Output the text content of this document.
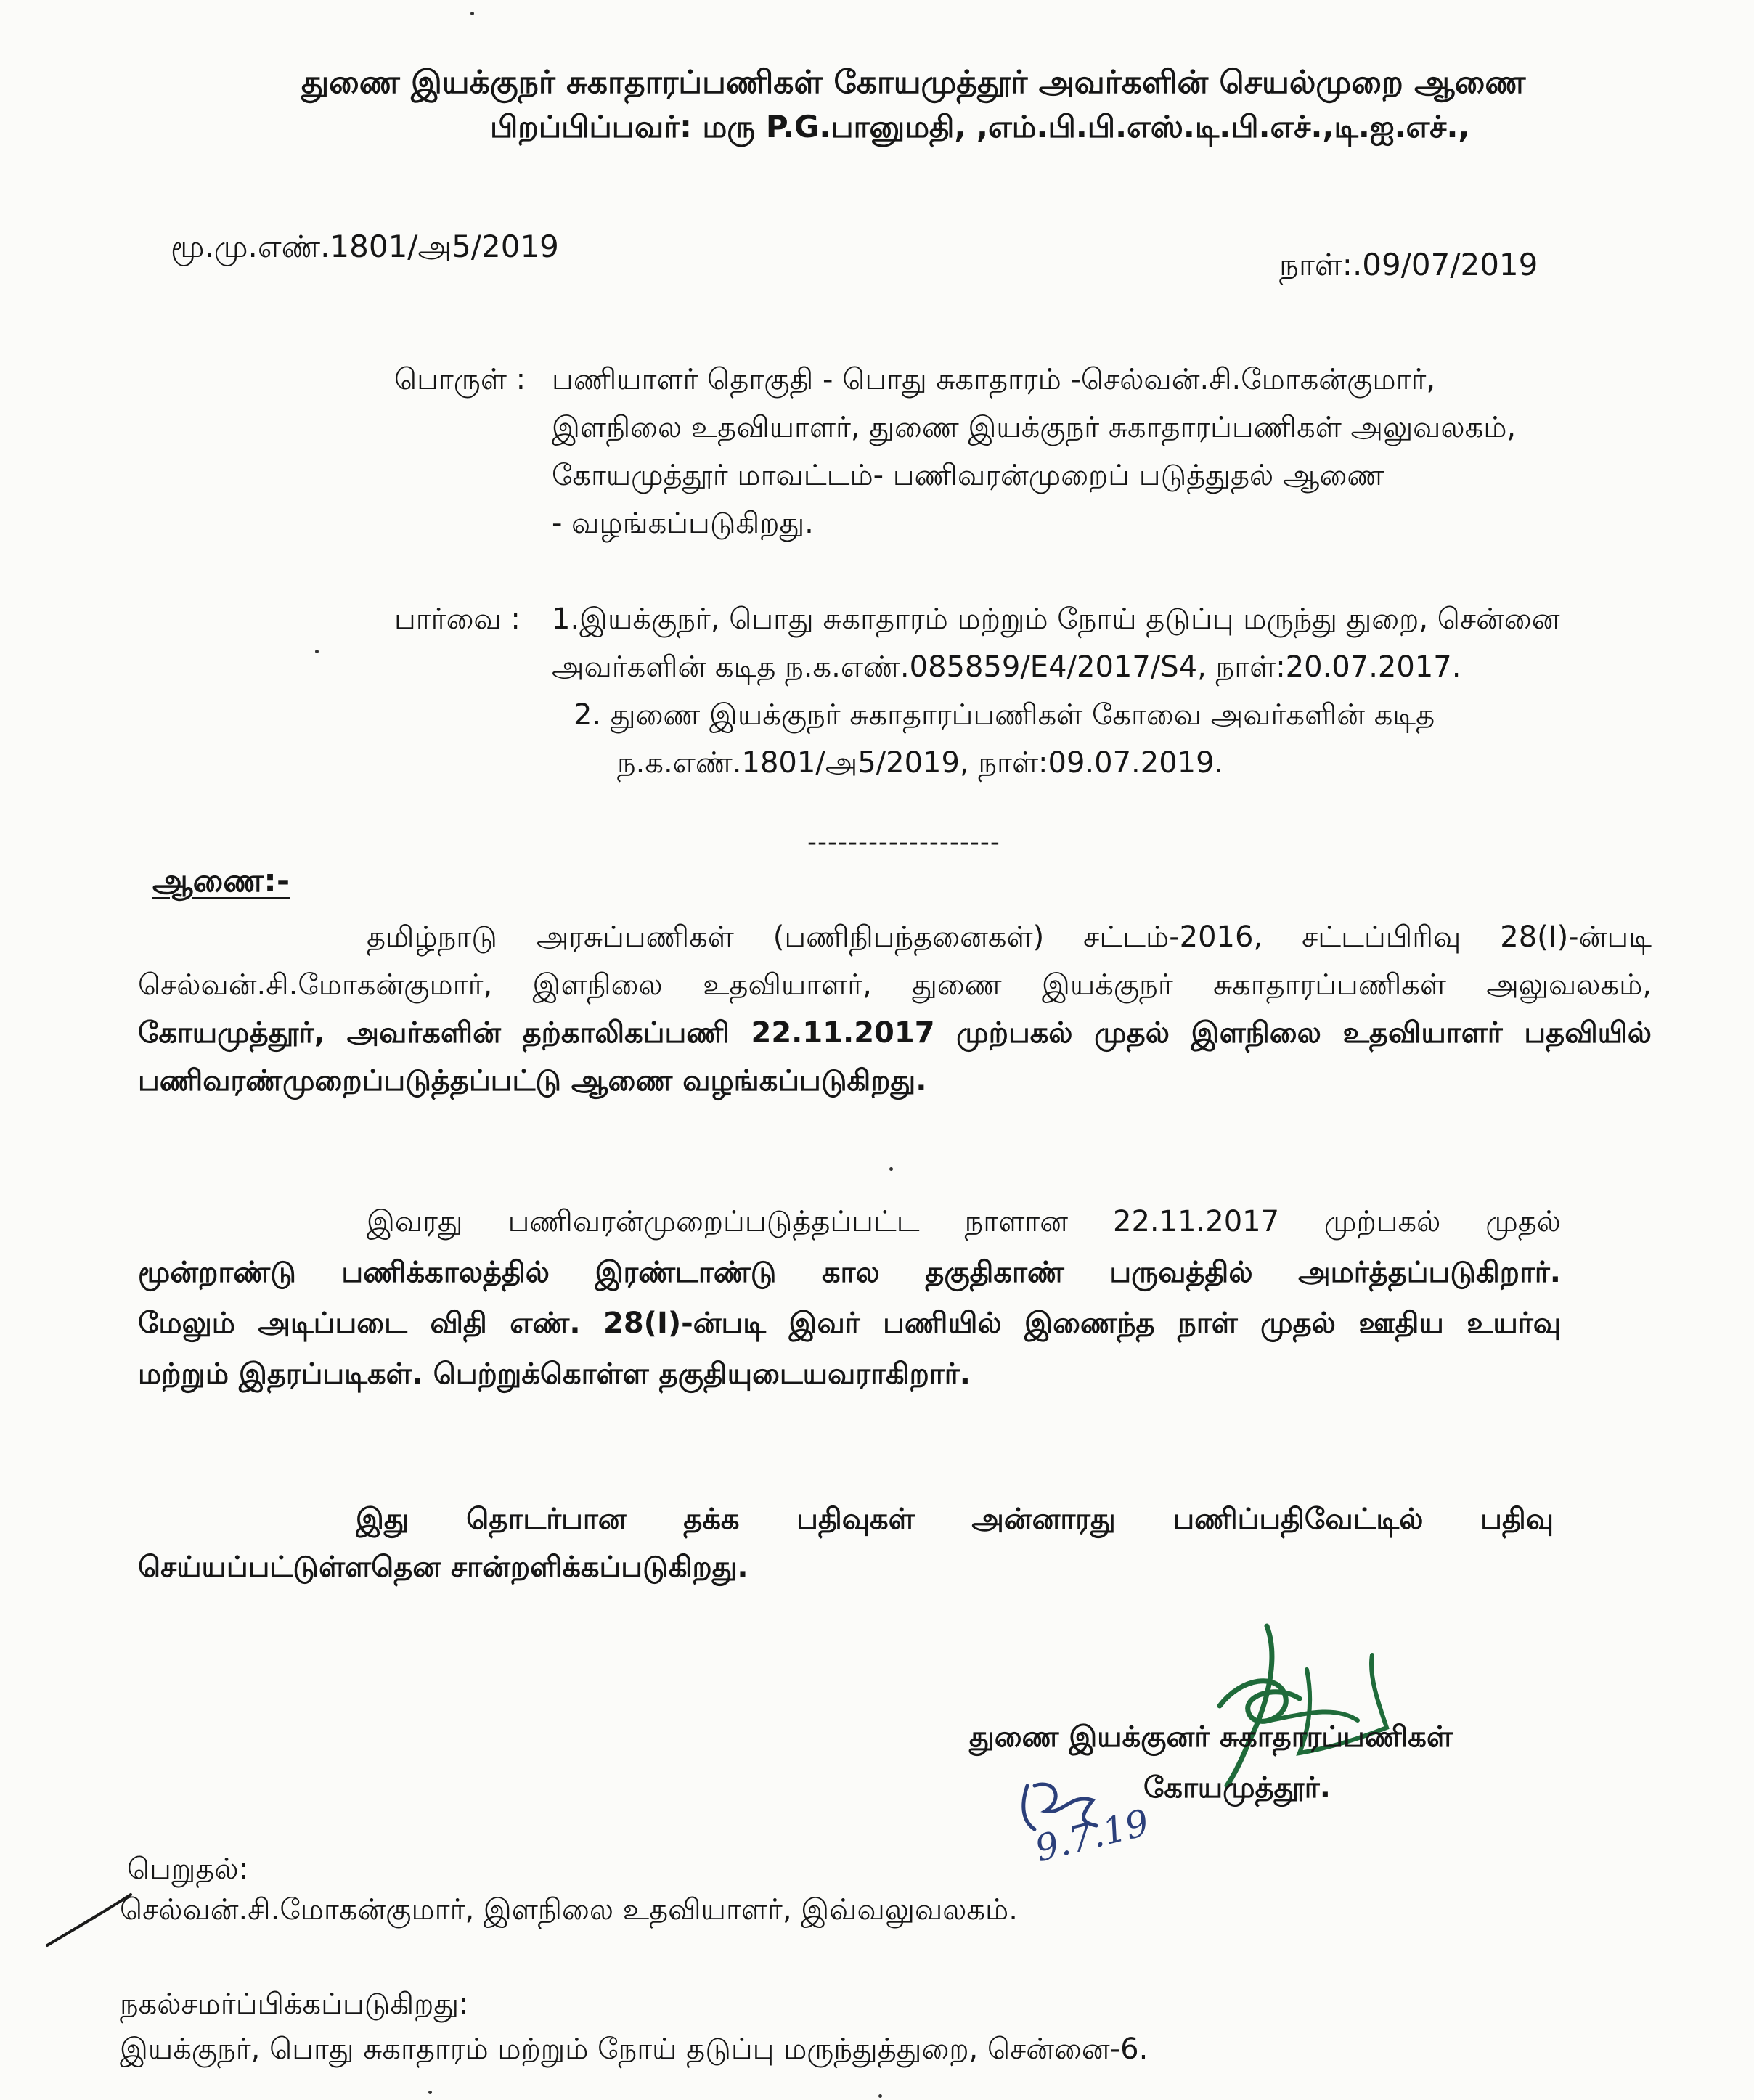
துணை இயக்குநர் சுகாதாரப்பணிகள் கோயமுத்தூர் அவர்களின் செயல்முறை ஆணை
பிறப்பிப்பவர்: மரு P.G.பானுமதி, ,எம்.பி.பி.எஸ்.டி.பி.எச்.,டி.ஐ.எச்.,
மூ.மு.எண்.1801/அ5/2019
நாள்:.09/07/2019
பொருள் : பணியாளர் தொகுதி - பொது சுகாதாரம் -செல்வன்.சி.மோகன்குமார்,
இளநிலை உதவியாளர், துணை இயக்குநர் சுகாதாரப்பணிகள் அலுவலகம்,
கோயமுத்தூர் மாவட்டம்- பணிவரன்முறைப் படுத்துதல் ஆணை
- வழங்கப்படுகிறது.
பார்வை : 1.இயக்குநர், பொது சுகாதாரம் மற்றும் நோய் தடுப்பு மருந்து துறை, சென்னை
அவர்களின் கடித ந.க.எண்.085859/E4/2017/S4, நாள்:20.07.2017.
2. துணை இயக்குநர் சுகாதாரப்பணிகள் கோவை அவர்களின் கடித
ந.க.எண்.1801/அ5/2019, நாள்:09.07.2019.
-------------------
ஆணை:-
தமிழ்நாடு அரசுப்பணிகள் (பணிநிபந்தனைகள்) சட்டம்-2016, சட்டப்பிரிவு 28(I)-ன்படி
செல்வன்.சி.மோகன்குமார், இளநிலை உதவியாளர், துணை இயக்குநர் சுகாதாரப்பணிகள் அலுவலகம்,
கோயமுத்தூர், அவர்களின் தற்காலிகப்பணி 22.11.2017 முற்பகல் முதல் இளநிலை உதவியாளர் பதவியில்
பணிவரண்முறைப்படுத்தப்பட்டு ஆணை வழங்கப்படுகிறது.
இவரது பணிவரன்முறைப்படுத்தப்பட்ட நாளான 22.11.2017 முற்பகல் முதல்
மூன்றாண்டு பணிக்காலத்தில் இரண்டாண்டு கால தகுதிகாண் பருவத்தில் அமர்த்தப்படுகிறார்.
மேலும் அடிப்படை விதி எண். 28(I)-ன்படி இவர் பணியில் இணைந்த நாள் முதல் ஊதிய உயர்வு
மற்றும் இதரப்படிகள். பெற்றுக்கொள்ள தகுதியுடையவராகிறார்.
இது தொடர்பான தக்க பதிவுகள் அன்னாரது பணிப்பதிவேட்டில் பதிவு
செய்யப்பட்டுள்ளதென சான்றளிக்கப்படுகிறது.
துணை இயக்குனர் சுகாதாரப்பணிகள்
கோயமுத்தூர்.
9.7.19
பெறுதல்:
செல்வன்.சி.மோகன்குமார், இளநிலை உதவியாளர், இவ்வலுவலகம்.
நகல்சமர்ப்பிக்கப்படுகிறது:
இயக்குநர், பொது சுகாதாரம் மற்றும் நோய் தடுப்பு மருந்துத்துறை, சென்னை-6.
